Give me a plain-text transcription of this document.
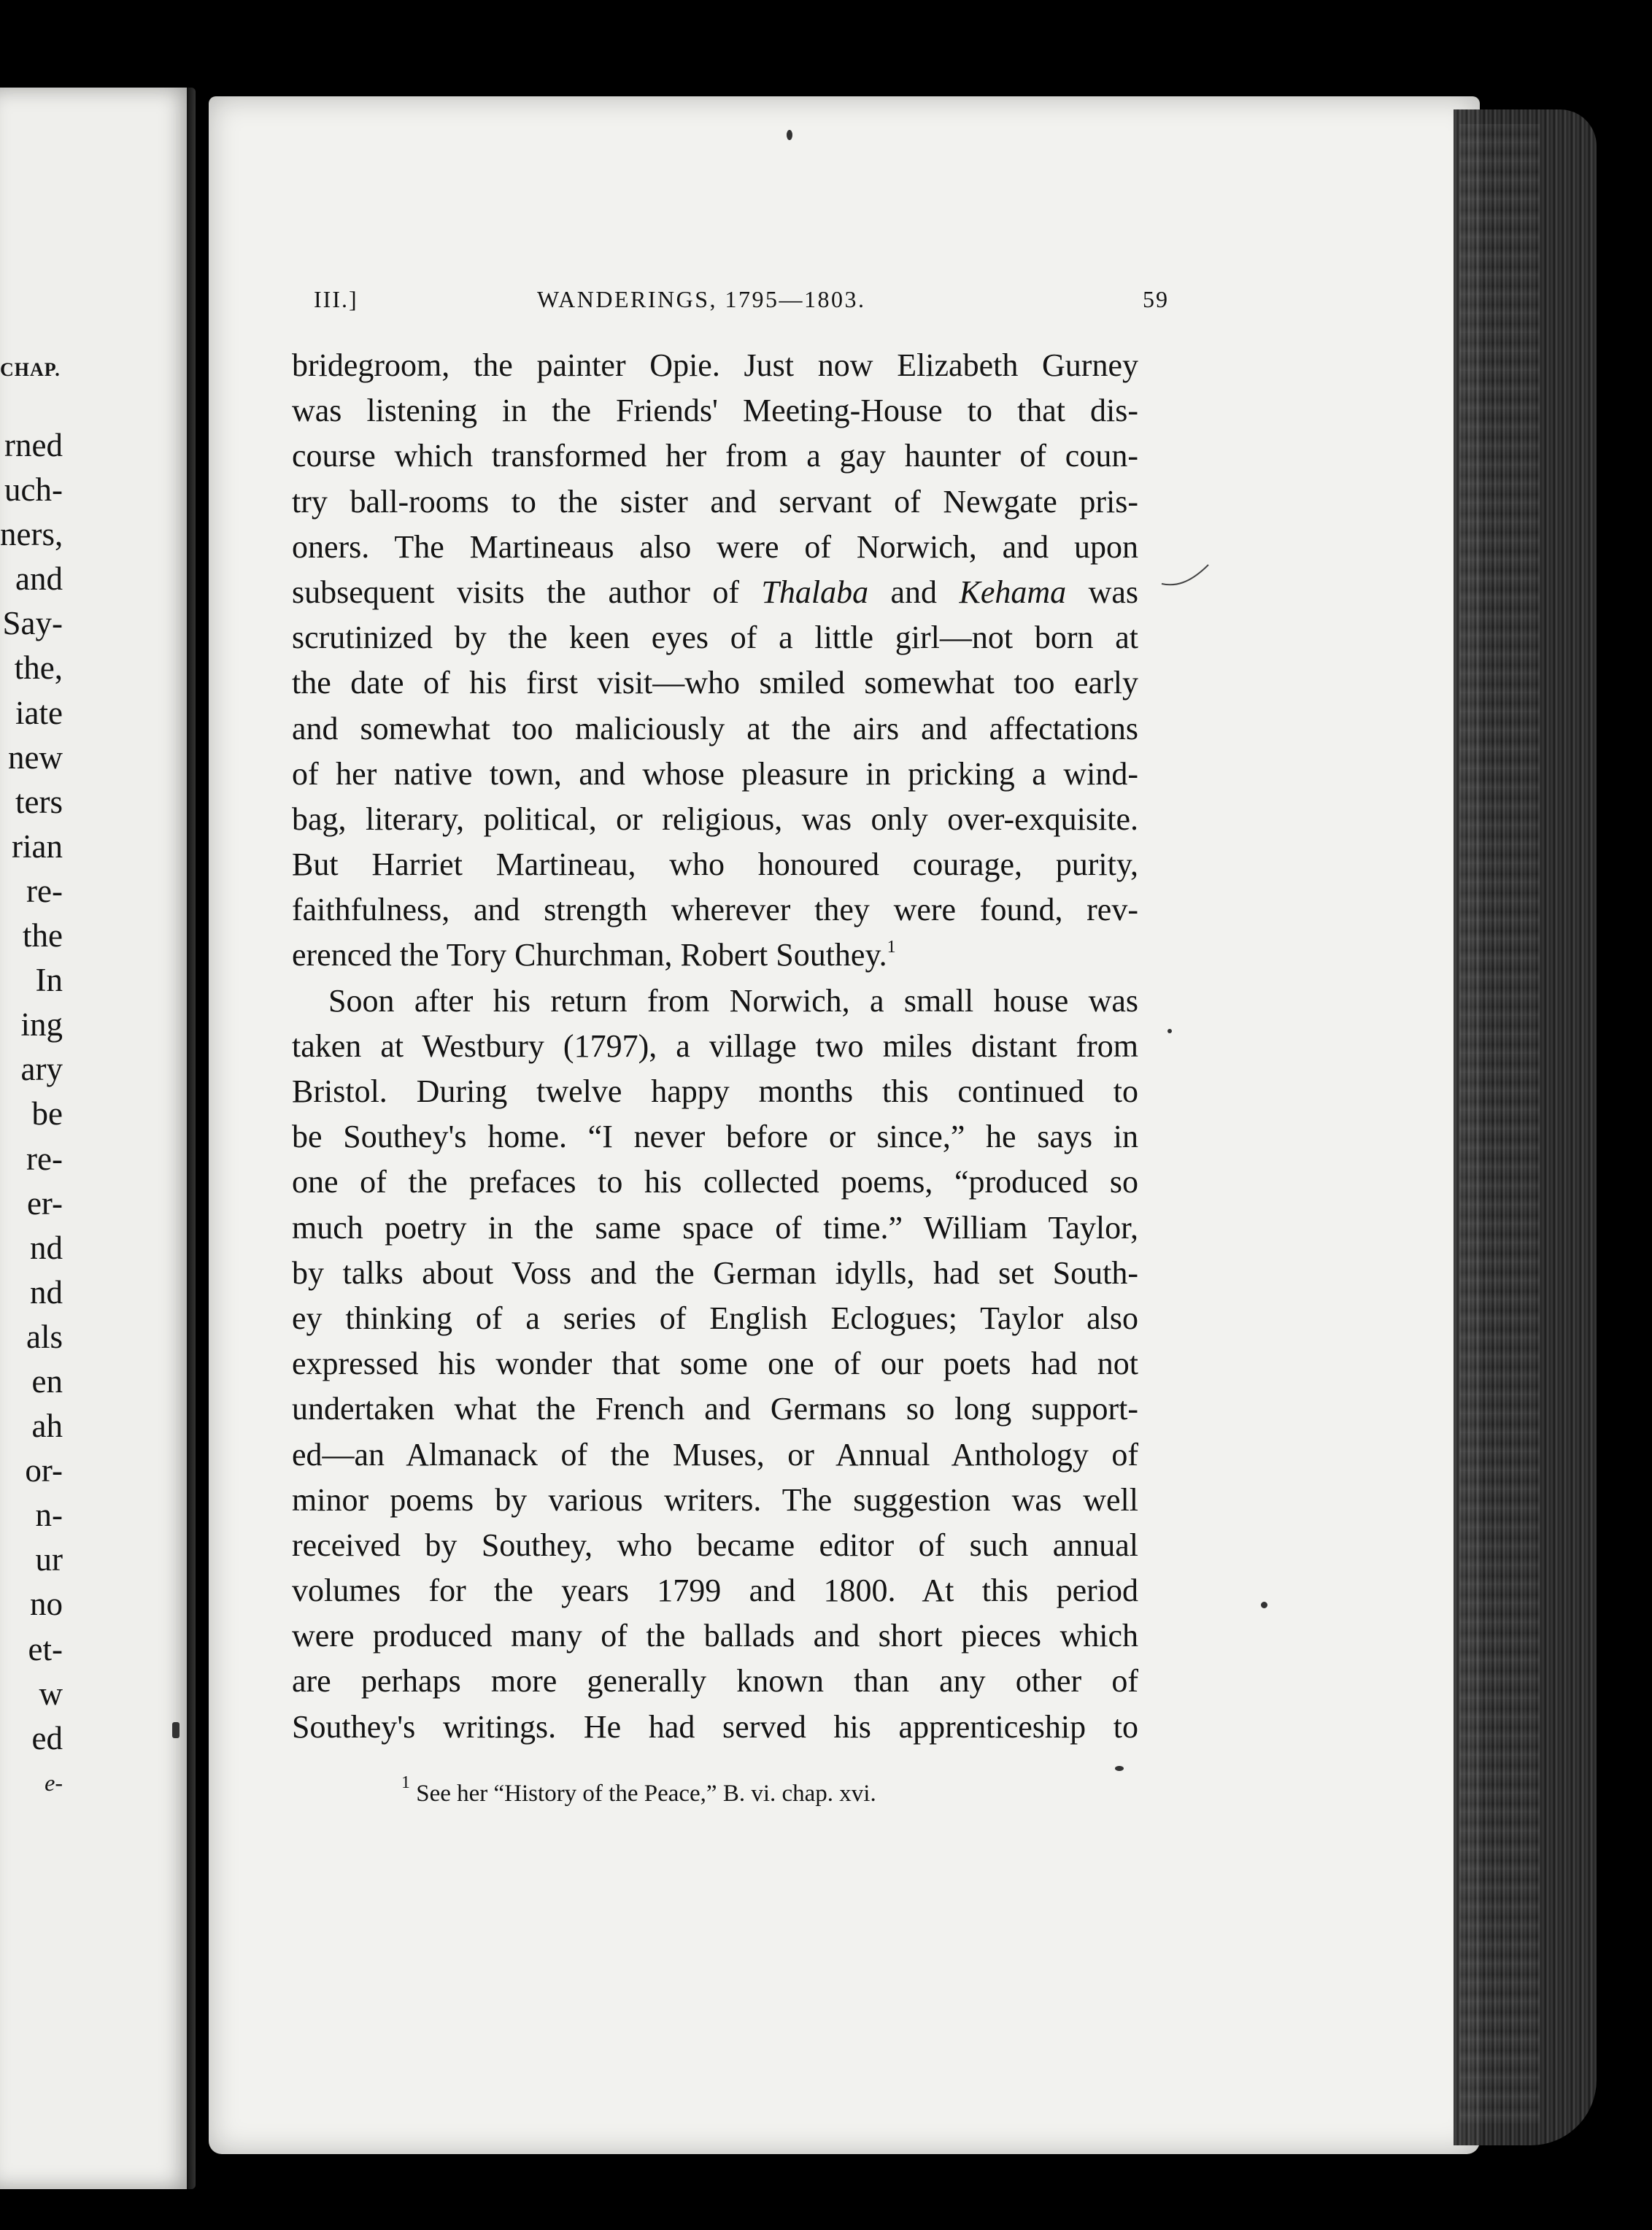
CHAP.
rned
uch-
ners,
and
Say-
the,
iate
new
ters
rian
re-
the
In
ing
ary
be
re-
er-
nd
nd
als
en
ah
or-
n-
ur
no
et-
w
ed
e-
III.]	WANDERINGS, 1795—1803.	59
bridegroom, the painter Opie. Just now Elizabeth Gurney
was listening in the Friends' Meeting-House to that dis-
course which transformed her from a gay haunter of coun-
try ball-rooms to the sister and servant of Newgate pris-
oners. The Martineaus also were of Norwich, and upon
subsequent visits the author of Thalaba and Kehama was
scrutinized by the keen eyes of a little girl—not born at
the date of his first visit—who smiled somewhat too early
and somewhat too maliciously at the airs and affectations
of her native town, and whose pleasure in pricking a wind-
bag, literary, political, or religious, was only over-exquisite.
But Harriet Martineau, who honoured courage, purity,
faithfulness, and strength wherever they were found, rev-
erenced the Tory Churchman, Robert Southey.$^1$
Soon after his return from Norwich, a small house was
taken at Westbury (1797), a village two miles distant from
Bristol. During twelve happy months this continued to
be Southey's home. “I never before or since,” he says in
one of the prefaces to his collected poems, “produced so
much poetry in the same space of time.” William Taylor,
by talks about Voss and the German idylls, had set South-
ey thinking of a series of English Eclogues; Taylor also
expressed his wonder that some one of our poets had not
undertaken what the French and Germans so long support-
ed—an Almanack of the Muses, or Annual Anthology of
minor poems by various writers. The suggestion was well
received by Southey, who became editor of such annual
volumes for the years 1799 and 1800. At this period
were produced many of the ballads and short pieces which
are perhaps more generally known than any other of
Southey's writings. He had served his apprenticeship to
$^1$ See her “History of the Peace,” B. vi. chap. xvi.
